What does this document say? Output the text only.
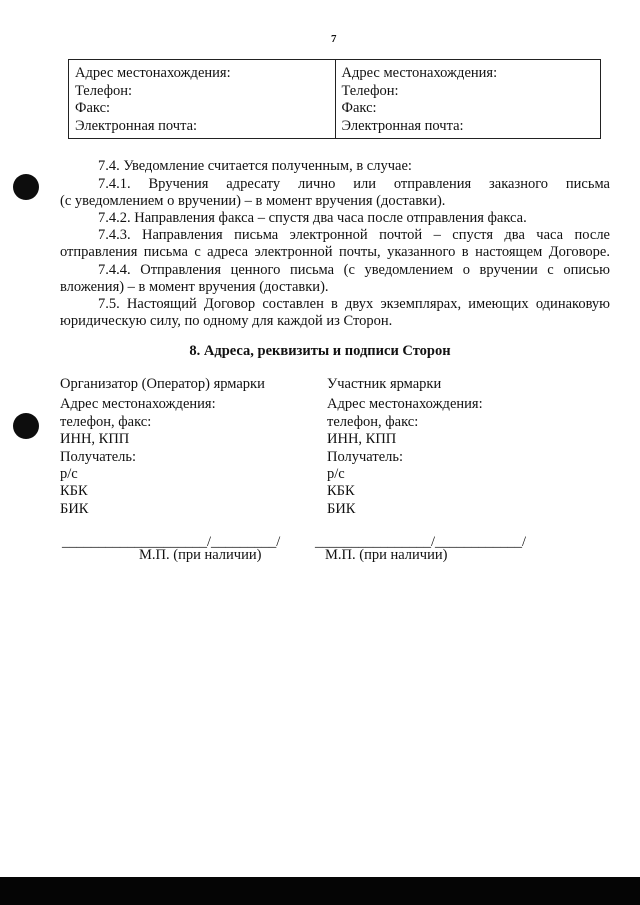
7
Адрес местонахождения:
Телефон:
Факс:
Электронная почта:
Адрес местонахождения:
Телефон:
Факс:
Электронная почта:
7.4. Уведомление считается полученным, в случае:
7.4.1. Вручения адресату лично или отправления заказного письма
(с уведомлением о вручении) – в момент вручения (доставки).
7.4.2. Направления факса – спустя два часа после отправления факса.
7.4.3. Направления письма электронной почтой – спустя два часа после
отправления письма с адреса электронной почты, указанного в настоящем Договоре.
7.4.4. Отправления ценного письма (с уведомлением о вручении с описью
вложения) – в момент вручения (доставки).
7.5. Настоящий Договор составлен в двух экземплярах, имеющих одинаковую
юридическую силу, по одному для каждой из Сторон.
8. Адреса, реквизиты и подписи Сторон
Организатор (Оператор) ярмарки
Адрес местонахождения:
телефон, факс:
ИНН, КПП
Получатель:
р/с
КБК
БИК
Участник ярмарки
Адрес местонахождения:
телефон, факс:
ИНН, КПП
Получатель:
р/с
КБК
БИК
____________________/_________/ ________________/____________/
М.П. (при наличии)	М.П. (при наличии)
